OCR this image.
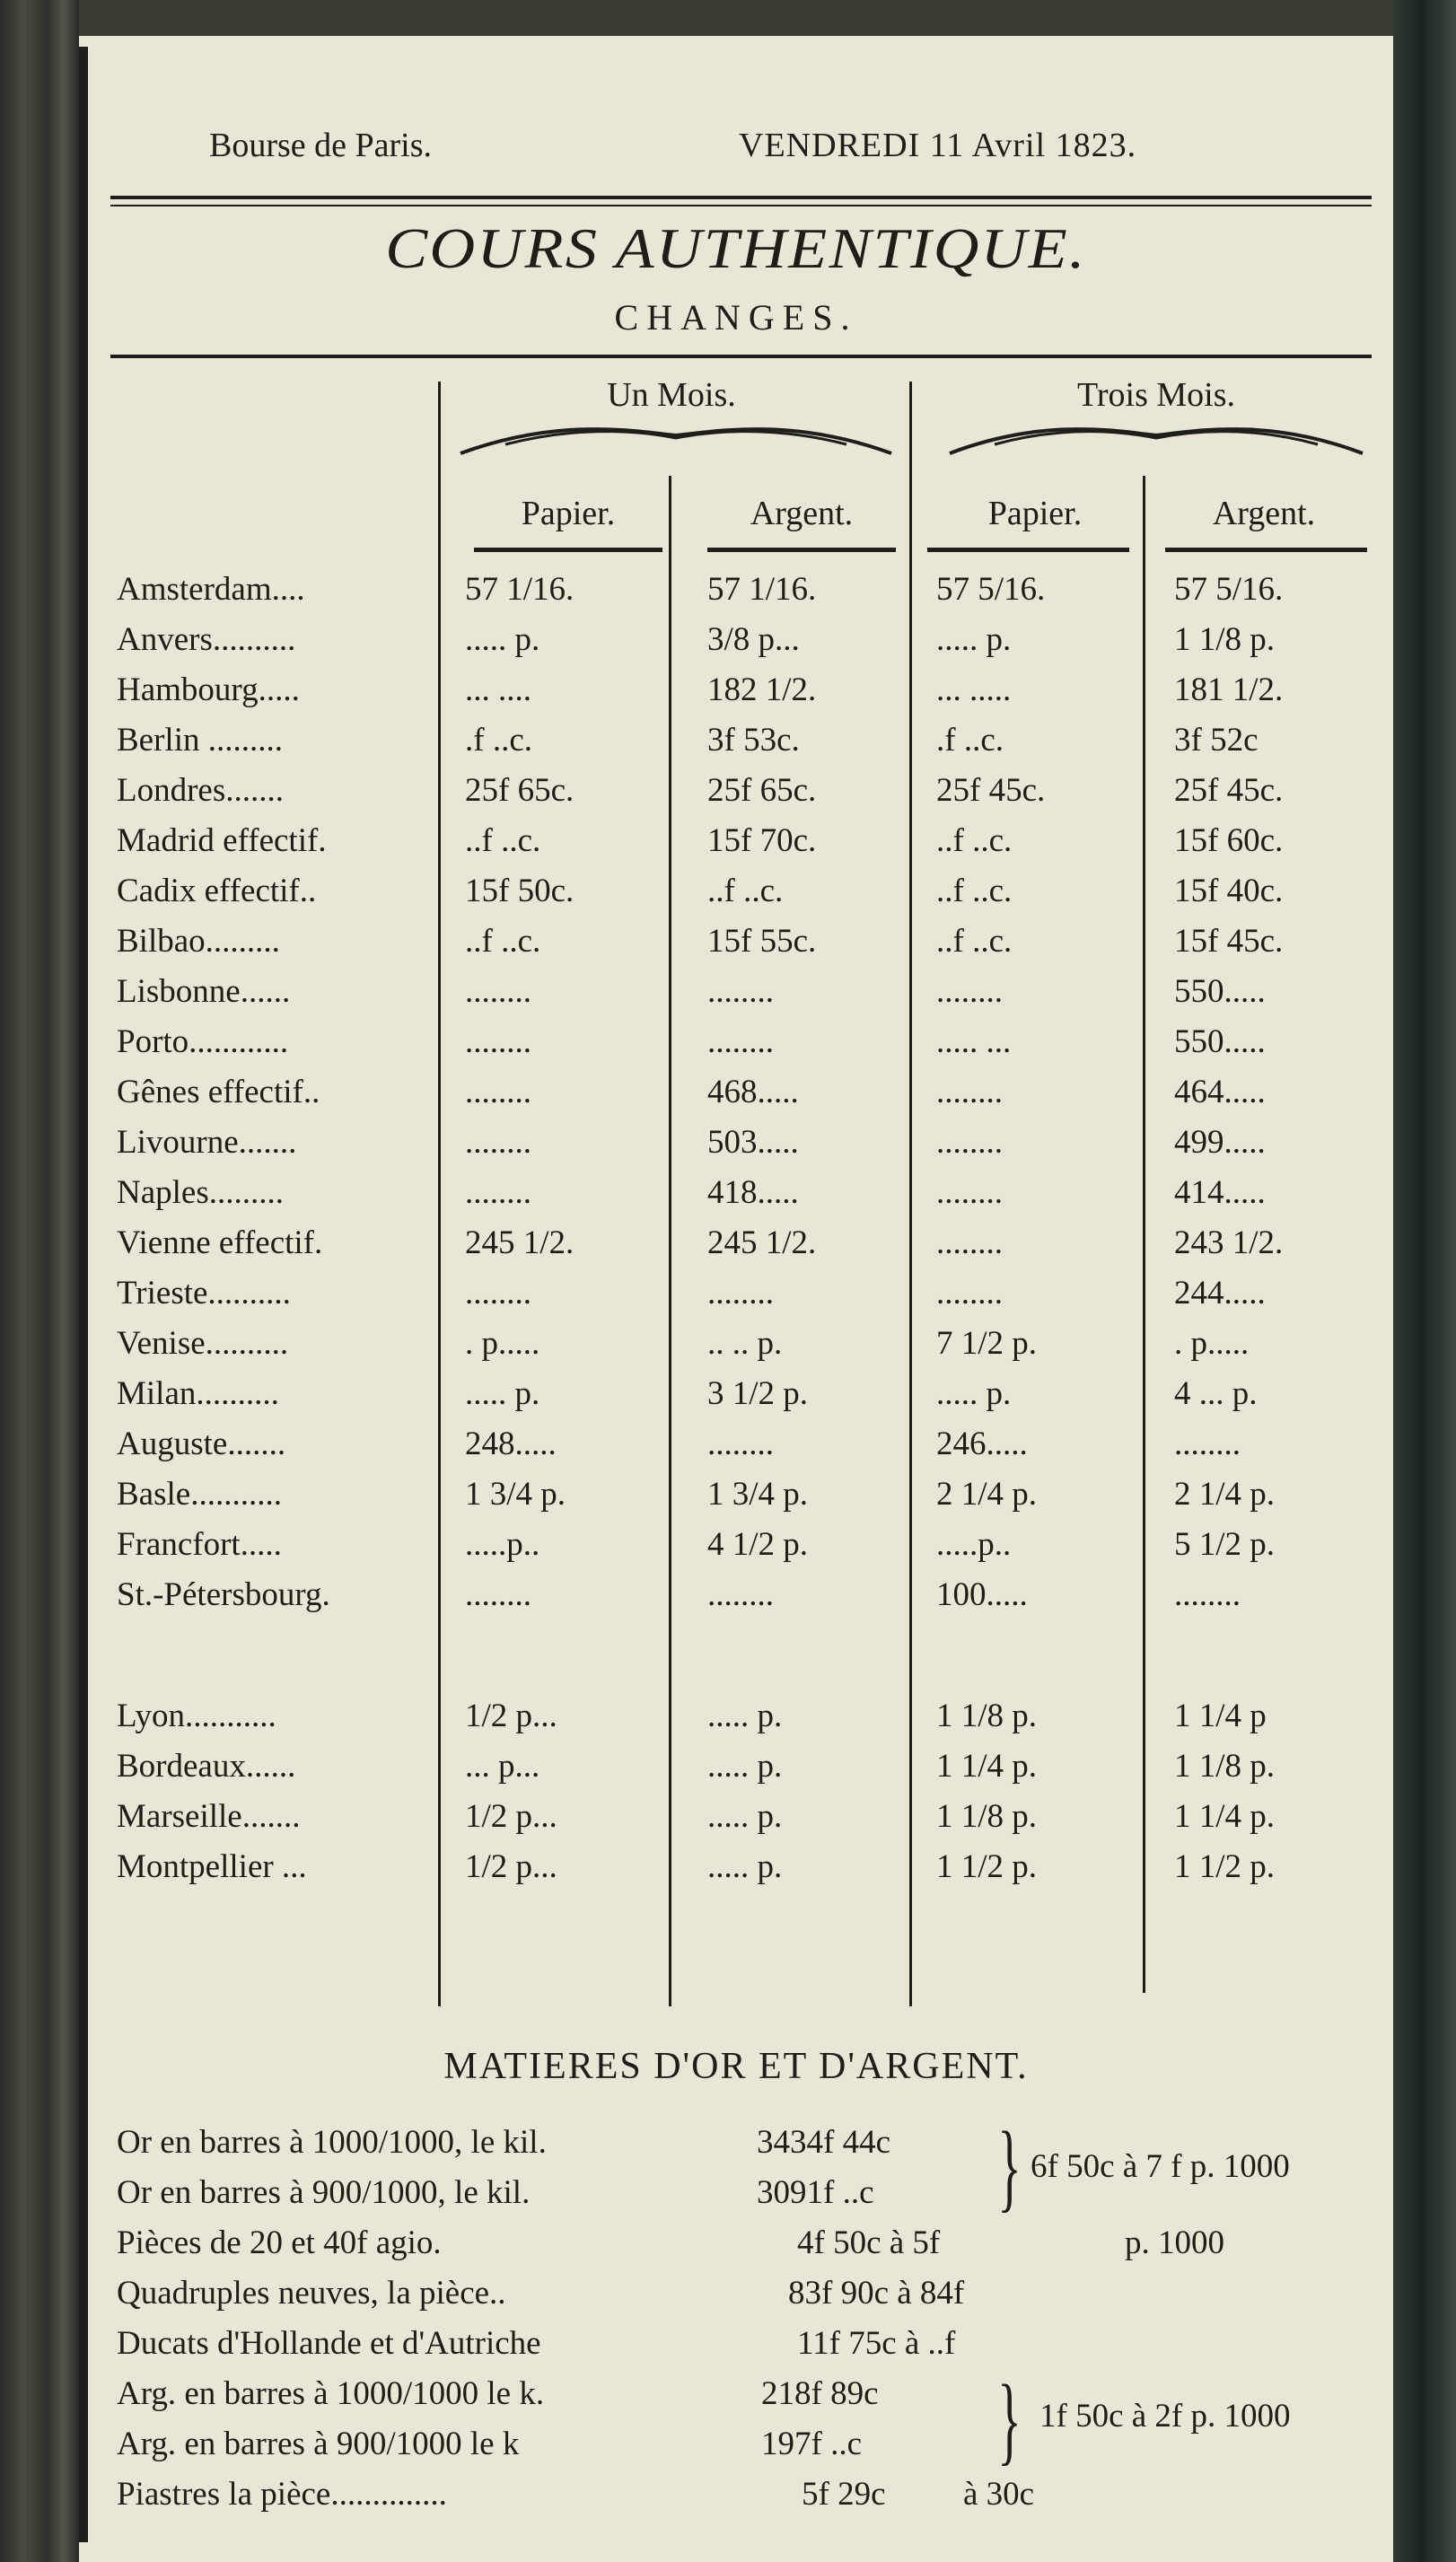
Bourse de Paris.	VENDREDI 11 Avril 1823.
COURS AUTHENTIQUE.
CHANGES.
Un Mois.	Trois Mois.
Papier.	Argent.	Papier.	Argent.
Amsterdam....	57 1/16.	57 1/16.	57 5/16.	57 5/16.
Anvers..........	..... p.	3/8 p...	..... p.	1 1/8 p.
Hambourg.....	... ....	182 1/2.	... .....	181 1/2.
Berlin .........	.f ..c.	3f 53c.	.f ..c.	3f 52c
Londres.......	25f 65c.	25f 65c.	25f 45c.	25f 45c.
Madrid effectif.	..f ..c.	15f 70c.	..f ..c.	15f 60c.
Cadix effectif..	15f 50c.	..f ..c.	..f ..c.	15f 40c.
Bilbao.........	..f ..c.	15f 55c.	..f ..c.	15f 45c.
Lisbonne......	........	........	........	550.....
Porto............	........	........	..... ...	550.....
Gênes effectif..	........	468.....	........	464.....
Livourne.......	........	503.....	........	499.....
Naples.........	........	418.....	........	414.....
Vienne effectif.	245 1/2.	245 1/2.	........	243 1/2.
Trieste..........	........	........	........	244.....
Venise..........	. p.....	.. .. p.	7 1/2 p.	. p.....
Milan..........	..... p.	3 1/2 p.	..... p.	4 ... p.
Auguste.......	248.....	........	246.....	........
Basle...........	1 3/4 p.	1 3/4 p.	2 1/4 p.	2 1/4 p.
Francfort.....	.....p..	4 1/2 p.	.....p..	5 1/2 p.
St.-Pétersbourg.	........	........	100.....	........
Lyon...........	1/2 p...	..... p.	1 1/8 p.	1 1/4 p
Bordeaux......	... p...	..... p.	1 1/4 p.	1 1/8 p.
Marseille.......	1/2 p...	..... p.	1 1/8 p.	1 1/4 p.
Montpellier ...	1/2 p...	..... p.	1 1/2 p.	1 1/2 p.
MATIERES D'OR ET D'ARGENT.
Or en barres à 1000/1000, le kil.	3434f 44c
Or en barres à 900/1000, le kil.	3091f ..c
Pièces de 20 et 40f agio.	4f 50c à 5f	p. 1000
Quadruples neuves, la pièce..	83f 90c à 84f
Ducats d'Hollande et d'Autriche	11f 75c à ..f
Arg. en barres à 1000/1000 le k.	218f 89c
Arg. en barres à 900/1000 le k	197f ..c
Piastres la pièce..............	5f 29c à 30c
} 6f 50c à 7 f p. 1000
} 1f 50c à 2f p. 1000
